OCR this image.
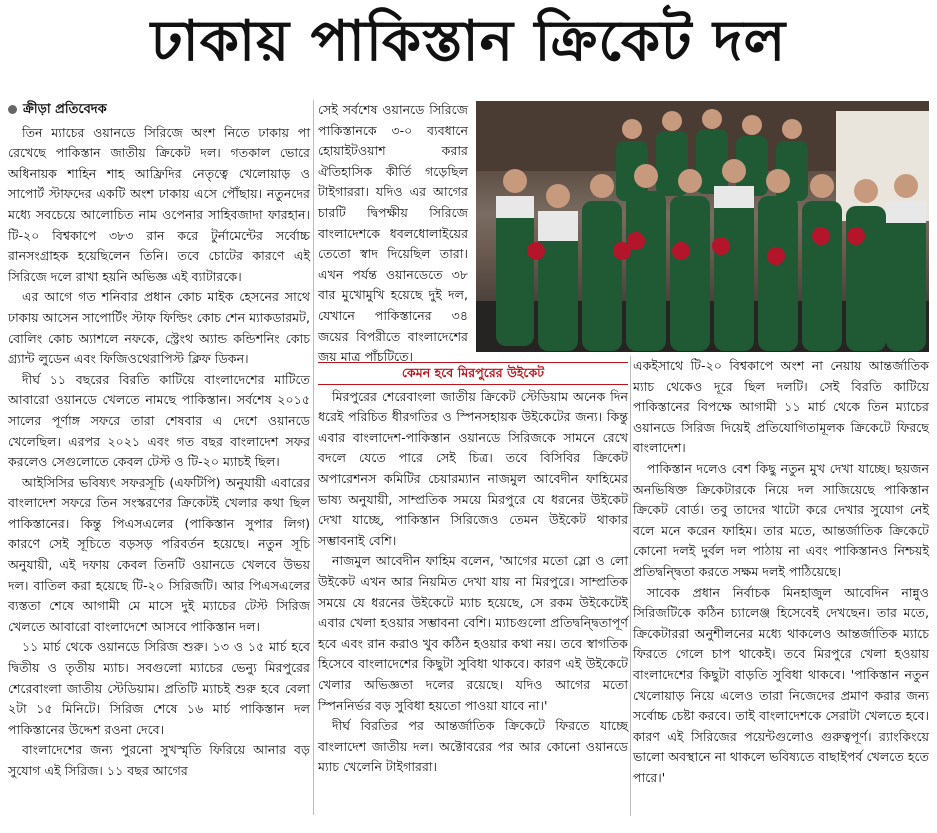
ঢাকায় পাকিস্তান ক্রিকেট দল
ক্রীড়া প্রতিবেদক

তিন ম্যাচের ওয়ানডে সিরিজে অংশ নিতে ঢাকায় পা রেখেছে পাকিস্তান জাতীয় ক্রিকেট দল। গতকাল ভোরে অধিনায়ক শাহিন শাহ আফ্রিদির নেতৃত্বে খেলোয়াড় ও সাপোর্ট স্টাফদের একটি অংশ ঢাকায় এসে পৌঁছায়। নতুনদের মধ্যে সবচেয়ে আলোচিত নাম ওপেনার সাহিবজাদা ফারহান। টি-২০ বিশ্বকাপে ৩৮৩ রান করে টুর্নামেন্টের সর্বোচ্চ রানসংগ্রাহক হয়েছিলেন তিনি। তবে চোটের কারণে এই সিরিজে দলে রাখা হয়নি অভিজ্ঞ এই ব্যাটারকে।

এর আগে গত শনিবার প্রধান কোচ মাইক হেসনের সাথে ঢাকায় আসেন সাপোর্টিং স্টাফ ফিল্ডিং কোচ শেন ম্যাকডারমট, বোলিং কোচ অ্যাশলে নফকে, স্ট্রেংথ অ্যান্ড কন্ডিশনিং কোচ গ্র্যান্ট লুডেন এবং ফিজিওথেরাপিস্ট ক্লিফ ডিকন।

দীর্ঘ ১১ বছরের বিরতি কাটিয়ে বাংলাদেশের মাটিতে আবারো ওয়ানডে খেলতে নামছে পাকিস্তান। সর্বশেষ ২০১৫ সালের পূর্ণাঙ্গ সফরে তারা শেষবার এ দেশে ওয়ানডে খেলেছিল। এরপর ২০২১ এবং গত বছর বাংলাদেশ সফর করলেও সেগুলোতে কেবল টেস্ট ও টি-২০ ম্যাচই ছিল।

আইসিসির ভবিষ্যৎ সফরসূচি (এফটিপি) অনুযায়ী এবারের বাংলাদেশ সফরে তিন সংস্করণের ক্রিকেটই খেলার কথা ছিল পাকিস্তানের। কিন্তু পিএসএলের (পাকিস্তান সুপার লিগ) কারণে সেই সূচিতে বড়সড় পরিবর্তন হয়েছে। নতুন সূচি অনুযায়ী, এই দফায় কেবল তিনটি ওয়ানডে খেলবে উভয় দল। বাতিল করা হয়েছে টি-২০ সিরিজটি। আর পিএসএলের ব্যস্ততা শেষে আগামী মে মাসে দুই ম্যাচের টেস্ট সিরিজ খেলতে আবারো বাংলাদেশে আসবে পাকিস্তান দল।

১১ মার্চ থেকে ওয়ানডে সিরিজ শুরু। ১৩ ও ১৫ মার্চ হবে দ্বিতীয় ও তৃতীয় ম্যাচ। সবগুলো ম্যাচের ভেন্যু মিরপুরের শেরেবাংলা জাতীয় স্টেডিয়াম। প্রতিটি ম্যাচই শুরু হবে বেলা ২টা ১৫ মিনিটে। সিরিজ শেষে ১৬ মার্চ পাকিস্তান দল পাকিস্তানের উদ্দেশ রওনা দেবে।

বাংলাদেশের জন্য পুরনো সুখস্মৃতি ফিরিয়ে আনার বড় সুযোগ এই সিরিজ। ১১ বছর আগের

সেই সর্বশেষ ওয়ানডে সিরিজে পাকিস্তানকে ৩-০ ব্যবধানে হোয়াইটওয়াশ করার ঐতিহাসিক কীর্তি গড়েছিল টাইগাররা। যদিও এর আগের চারটি দ্বিপক্ষীয় সিরিজে বাংলাদেশকে ধবলধোলাইয়ের তেতো স্বাদ দিয়েছিল তারা। এখন পর্যন্ত ওয়ানডেতে ৩৮ বার মুখোমুখি হয়েছে দুই দল, যেখানে পাকিস্তানের ৩৪ জয়ের বিপরীতে বাংলাদেশের জয় মাত্র পাঁচটিতে।

কেমন হবে মিরপুরের উইকেট

মিরপুরের শেরেবাংলা জাতীয় ক্রিকেট স্টেডিয়াম অনেক দিন ধরেই পরিচিত ধীরগতির ও স্পিনসহায়ক উইকেটের জন্য। কিন্তু এবার বাংলাদেশ-পাকিস্তান ওয়ানডে সিরিজকে সামনে রেখে বদলে যেতে পারে সেই চিত্র। তবে বিসিবির ক্রিকেট অপারেশনস কমিটির চেয়ারম্যান নাজমুল আবেদীন ফাহিমের ভাষ্য অনুযায়ী, সাম্প্রতিক সময়ে মিরপুরে যে ধরনের উইকেট দেখা যাচ্ছে, পাকিস্তান সিরিজেও তেমন উইকেট থাকার সম্ভাবনাই বেশি।

নাজমুল আবেদীন ফাহিম বলেন, 'আগের মতো স্লো ও লো উইকেট এখন আর নিয়মিত দেখা যায় না মিরপুরে। সাম্প্রতিক সময়ে যে ধরনের উইকেটে ম্যাচ হয়েছে, সে রকম উইকেটেই এবার খেলা হওয়ার সম্ভাবনা বেশি। ম্যাচগুলো প্রতিদ্বন্দ্বিতাপূর্ণ হবে এবং রান করাও খুব কঠিন হওয়ার কথা নয়। তবে স্বাগতিক হিসেবে বাংলাদেশের কিছুটা সুবিধা থাকবে। কারণ এই উইকেটে খেলার অভিজ্ঞতা দলের রয়েছে। যদিও আগের মতো স্পিননির্ভর বড় সুবিধা হয়তো পাওয়া যাবে না।'

দীর্ঘ বিরতির পর আন্তর্জাতিক ক্রিকেটে ফিরতে যাচ্ছে বাংলাদেশ জাতীয় দল। অক্টোবরের পর আর কোনো ওয়ানডে ম্যাচ খেলেনি টাইগাররা।

একইসাথে টি-২০ বিশ্বকাপে অংশ না নেয়ায় আন্তর্জাতিক ম্যাচ থেকেও দূরে ছিল দলটি। সেই বিরতি কাটিয়ে পাকিস্তানের বিপক্ষে আগামী ১১ মার্চ থেকে তিন ম্যাচের ওয়ানডে সিরিজ দিয়েই প্রতিযোগিতামূলক ক্রিকেটে ফিরছে বাংলাদেশ।

পাকিস্তান দলেও বেশ কিছু নতুন মুখ দেখা যাচ্ছে। ছয়জন অনভিষিক্ত ক্রিকেটারকে নিয়ে দল সাজিয়েছে পাকিস্তান ক্রিকেট বোর্ড। তবু তাদের খাটো করে দেখার সুযোগ নেই বলে মনে করেন ফাহিম। তার মতে, আন্তর্জাতিক ক্রিকেটে কোনো দলই দুর্বল দল পাঠায় না এবং পাকিস্তানও নিশ্চয়ই প্রতিদ্বন্দ্বিতা করতে সক্ষম দলই পাঠিয়েছে।

সাবেক প্রধান নির্বাচক মিনহাজুল আবেদিন নান্নুও সিরিজটিকে কঠিন চ্যালেঞ্জ হিসেবেই দেখছেন। তার মতে, ক্রিকেটাররা অনুশীলনের মধ্যে থাকলেও আন্তর্জাতিক ম্যাচে ফিরতে গেলে চাপ থাকেই। তবে মিরপুরে খেলা হওয়ায় বাংলাদেশের কিছুটা বাড়তি সুবিধা থাকবে। 'পাকিস্তান নতুন খেলোয়াড় নিয়ে এলেও তারা নিজেদের প্রমাণ করার জন্য সর্বোচ্চ চেষ্টা করবে। তাই বাংলাদেশকে সেরাটা খেলতে হবে। কারণ এই সিরিজের পয়েন্টগুলোও গুরুত্বপূর্ণ। র‍্যাংকিংয়ে ভালো অবস্থানে না থাকলে ভবিষ্যতে বাছাইপর্ব খেলতে হতে পারে।'
